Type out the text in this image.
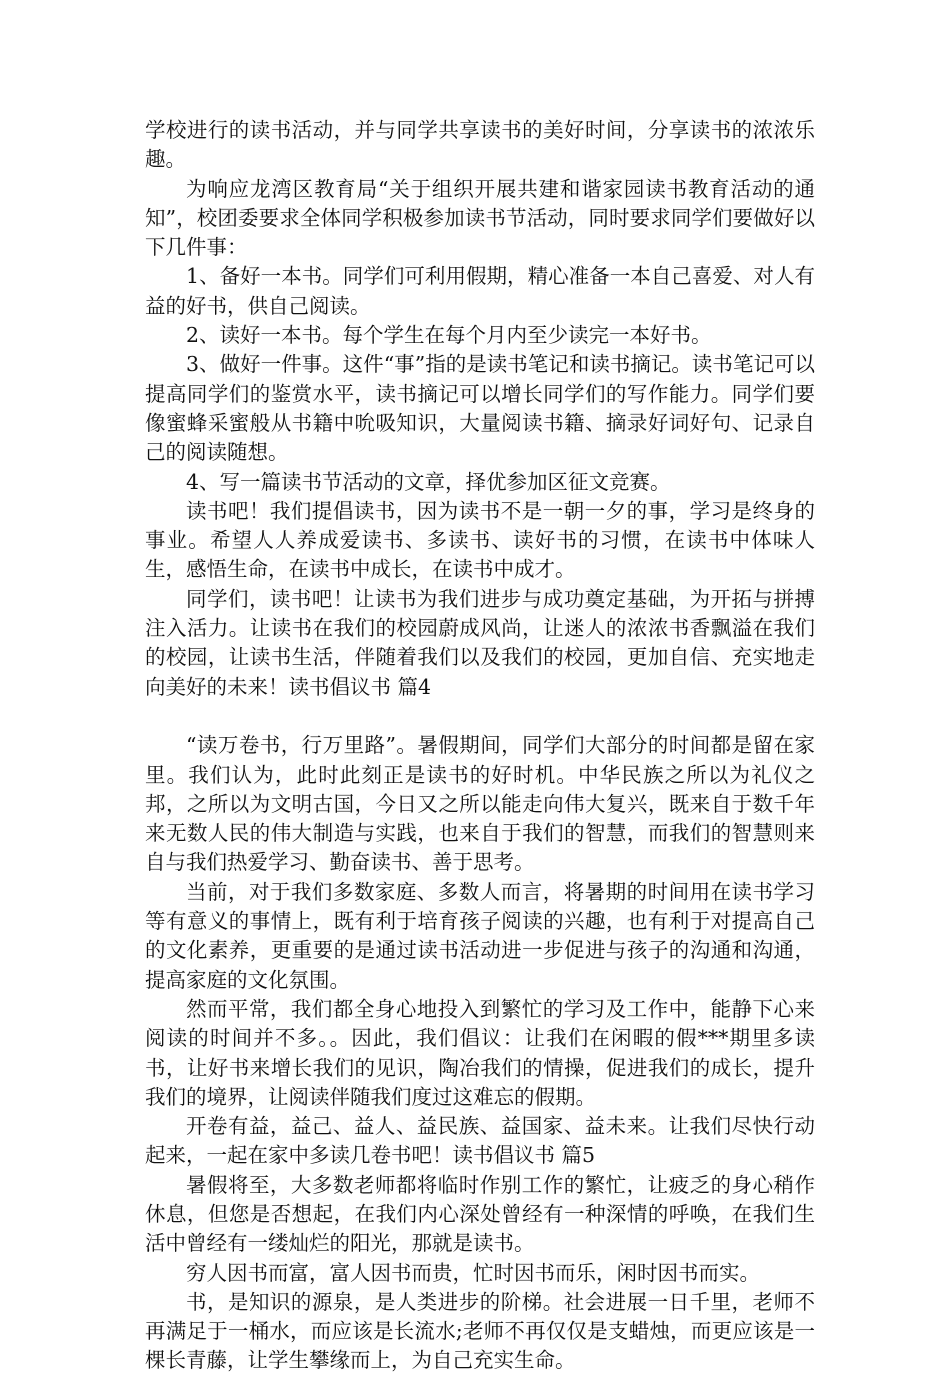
学校进行的读书活动，并与同学共享读书的美好时间，分享读书的浓浓乐趣。

为响应龙湾区教育局“关于组织开展共建和谐家园读书教育活动的通知”，校团委要求全体同学积极参加读书节活动，同时要求同学们要做好以下几件事：

1、备好一本书。同学们可利用假期，精心准备一本自己喜爱、对人有益的好书，供自己阅读。

2、读好一本书。每个学生在每个月内至少读完一本好书。

3、做好一件事。这件“事”指的是读书笔记和读书摘记。读书笔记可以提高同学们的鉴赏水平，读书摘记可以增长同学们的写作能力。同学们要像蜜蜂采蜜般从书籍中吮吸知识，大量阅读书籍、摘录好词好句、记录自己的阅读随想。

4、写一篇读书节活动的文章，择优参加区征文竞赛。

读书吧！我们提倡读书，因为读书不是一朝一夕的事，学习是终身的事业。希望人人养成爱读书、多读书、读好书的习惯，在读书中体味人生，感悟生命，在读书中成长，在读书中成才。

同学们，读书吧！让读书为我们进步与成功奠定基础，为开拓与拼搏注入活力。让读书在我们的校园蔚成风尚，让迷人的浓浓书香飘溢在我们的校园，让读书生活，伴随着我们以及我们的校园，更加自信、充实地走向美好的未来！读书倡议书 篇4

“读万卷书，行万里路”。暑假期间，同学们大部分的时间都是留在家里。我们认为，此时此刻正是读书的好时机。中华民族之所以为礼仪之邦，之所以为文明古国，今日又之所以能走向伟大复兴，既来自于数千年来无数人民的伟大制造与实践，也来自于我们的智慧，而我们的智慧则来自与我们热爱学习、勤奋读书、善于思考。

当前，对于我们多数家庭、多数人而言，将暑期的时间用在读书学习等有意义的事情上，既有利于培育孩子阅读的兴趣，也有利于对提高自己的文化素养，更重要的是通过读书活动进一步促进与孩子的沟通和沟通，提高家庭的文化氛围。

然而平常，我们都全身心地投入到繁忙的学习及工作中，能静下心来阅读的时间并不多。。因此，我们倡议：让我们在闲暇的假***期里多读书，让好书来增长我们的见识，陶冶我们的情操，促进我们的成长，提升我们的境界，让阅读伴随我们度过这难忘的假期。

开卷有益，益己、益人、益民族、益国家、益未来。让我们尽快行动起来，一起在家中多读几卷书吧！读书倡议书 篇5

暑假将至，大多数老师都将临时作别工作的繁忙，让疲乏的身心稍作休息，但您是否想起，在我们内心深处曾经有一种深情的呼唤，在我们生活中曾经有一缕灿烂的阳光，那就是读书。

穷人因书而富，富人因书而贵，忙时因书而乐，闲时因书而实。

书，是知识的源泉，是人类进步的阶梯。社会进展一日千里，老师不再满足于一桶水，而应该是长流水;老师不再仅仅是支蜡烛，而更应该是一棵长青藤，让学生攀缘而上，为自己充实生命。
